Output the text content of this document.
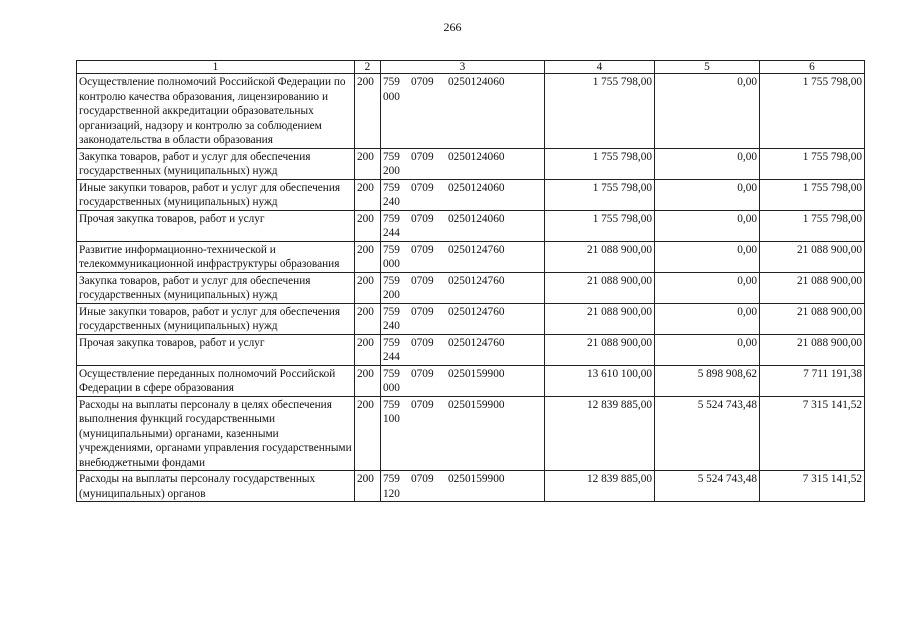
266
1	2	3	4	5	6
Осуществление полномочий Российской Федерации по контролю качества образования, лицензированию и государственной аккредитации образовательных организаций, надзору и контролю за соблюдением законодательства в области образования	200	759 0709 0250124060000	1 755 798,00	0,00	1 755 798,00
Закупка товаров, работ и услуг для обеспечения государственных (муниципальных) нужд	200	759 0709 0250124060200	1 755 798,00	0,00	1 755 798,00
Иные закупки товаров, работ и услуг для обеспечения государственных (муниципальных) нужд	200	759 0709 0250124060240	1 755 798,00	0,00	1 755 798,00
Прочая закупка товаров, работ и услуг	200	759 0709 0250124060244	1 755 798,00	0,00	1 755 798,00
Развитие информационно-технической и телекоммуникационной инфраструктуры образования	200	759 0709 0250124760000	21 088 900,00	0,00	21 088 900,00
Закупка товаров, работ и услуг для обеспечения государственных (муниципальных) нужд	200	759 0709 0250124760200	21 088 900,00	0,00	21 088 900,00
Иные закупки товаров, работ и услуг для обеспечения государственных (муниципальных) нужд	200	759 0709 0250124760240	21 088 900,00	0,00	21 088 900,00
Прочая закупка товаров, работ и услуг	200	759 0709 0250124760244	21 088 900,00	0,00	21 088 900,00
Осуществление переданных полномочий Российской Федерации в сфере образования	200	759 0709 0250159900000	13 610 100,00	5 898 908,62	7 711 191,38
Расходы на выплаты персоналу в целях обеспечения выполнения функций государственными (муниципальными) органами, казенными учреждениями, органами управления государственными внебюджетными фондами	200	759 0709 0250159900100	12 839 885,00	5 524 743,48	7 315 141,52
Расходы на выплаты персоналу государственных (муниципальных) органов	200	759 0709 0250159900120	12 839 885,00	5 524 743,48	7 315 141,52
